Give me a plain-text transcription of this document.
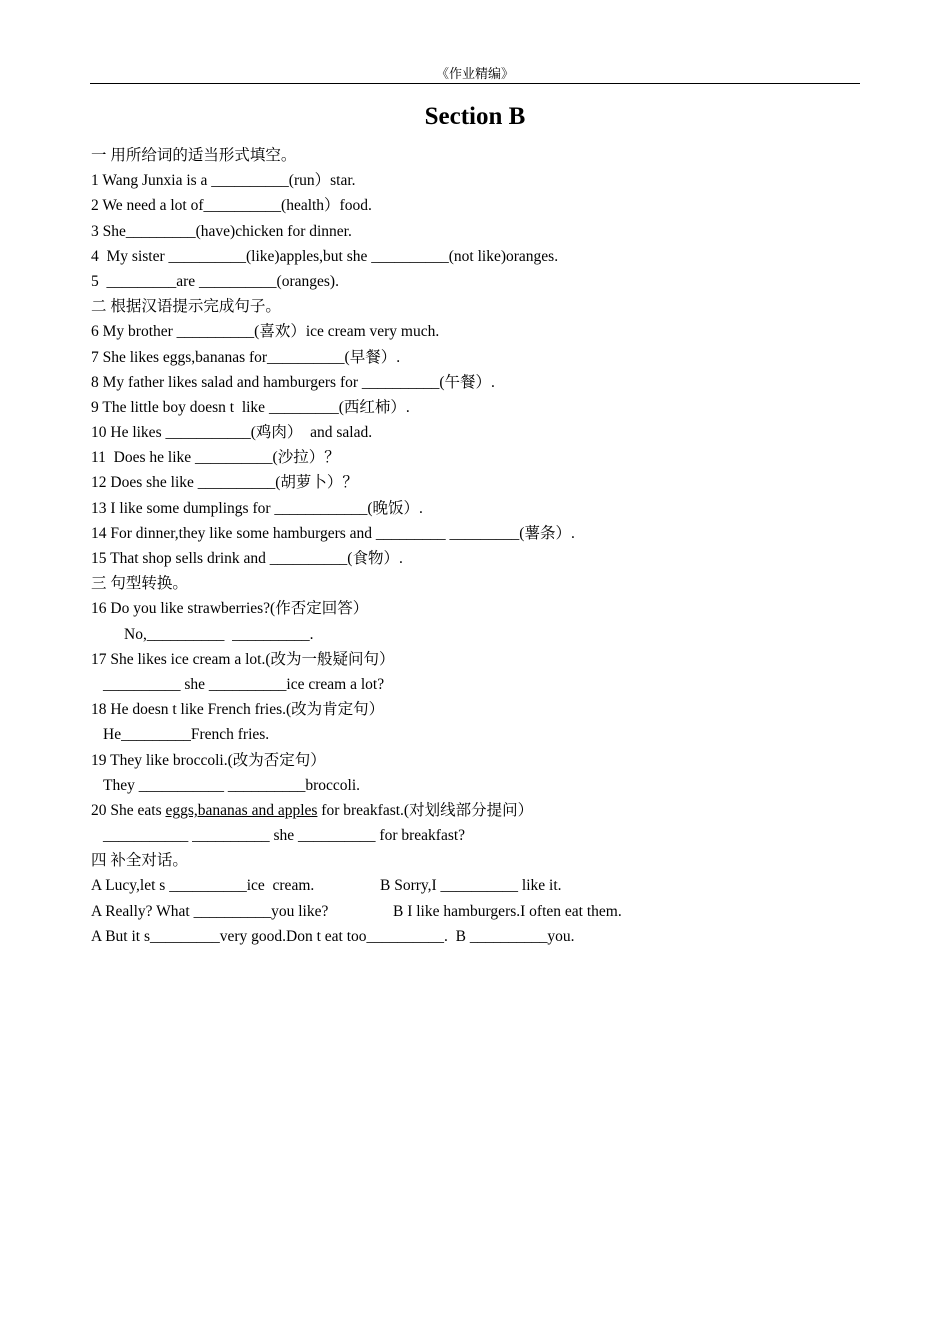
《作业精编》
Section B
一 用所给词的适当形式填空。
1 Wang Junxia is a __________(run）star.
2 We need a lot of__________(health）food.
3 She_________(have)chicken for dinner.
4  My sister __________(like)apples,but she __________(not like)oranges.
5  _________are __________(oranges).
二 根据汉语提示完成句子。
6 My brother __________(喜欢）ice cream very much.
7 She likes eggs,bananas for__________(早餐）.
8 My father likes salad and hamburgers for __________(午餐）.
9 The little boy doesn t  like _________(西红柿）.
10 He likes ___________(鸡肉）  and salad.
11  Does he like __________(沙拉）？
12 Does she like __________(胡萝卜）？
13 I like some dumplings for ____________(晚饭）.
14 For dinner,they like some hamburgers and _________ _________(薯条）.
15 That shop sells drink and __________(食物）.
三 句型转换。
16 Do you like strawberries?(作否定回答）
No,__________  __________.
17 She likes ice cream a lot.(改为一般疑问句）
__________ she __________ice cream a lot?
18 He doesn t like French fries.(改为肯定句）
He_________French fries.
19 They like broccoli.(改为否定句）
They ___________ __________broccoli.
20 She eats eggs,bananas and apples for breakfast.(对划线部分提问）
___________ __________ she __________ for breakfast?
四 补全对话。
A Lucy,let s __________ice  cream.	B Sorry,I __________ like it.
A Really? What __________you like?	B I like hamburgers.I often eat them.
A But it s_________very good.Don t eat too__________.  B __________you.
